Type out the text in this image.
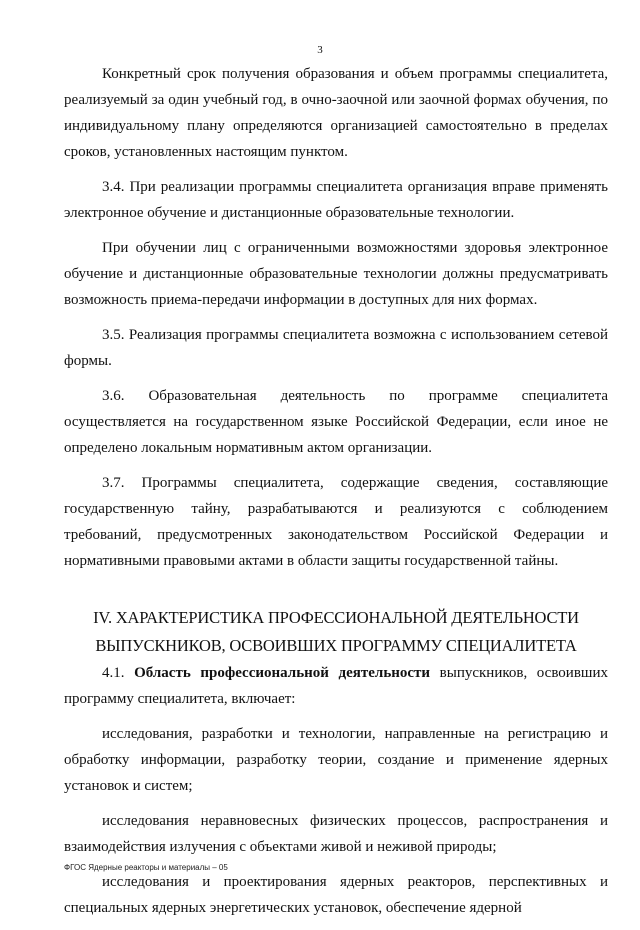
3

Конкретный срок получения образования и объем программы специалитета, реализуемый за один учебный год, в очно-заочной или заочной формах обучения, по индивидуальному плану определяются организацией самостоятельно в пределах сроков, установленных настоящим пунктом.

3.4. При реализации программы специалитета организация вправе применять электронное обучение и дистанционные образовательные технологии.

При обучении лиц с ограниченными возможностями здоровья электронное обучение и дистанционные образовательные технологии должны предусматривать возможность приема-передачи информации в доступных для них формах.

3.5. Реализация программы специалитета возможна с использованием сетевой формы.

3.6. Образовательная деятельность по программе специалитета осуществляется на государственном языке Российской Федерации, если иное не определено локальным нормативным актом организации.

3.7. Программы специалитета, содержащие сведения, составляющие государственную тайну, разрабатываются и реализуются с соблюдением требований, предусмотренных законодательством Российской Федерации и нормативными правовыми актами в области защиты государственной тайны.

IV. ХАРАКТЕРИСТИКА ПРОФЕССИОНАЛЬНОЙ ДЕЯТЕЛЬНОСТИ
ВЫПУСКНИКОВ, ОСВОИВШИХ ПРОГРАММУ СПЕЦИАЛИТЕТА

4.1. Область профессиональной деятельности выпускников, освоивших программу специалитета, включает:

исследования, разработки и технологии, направленные на регистрацию и обработку информации, разработку теории, создание и применение ядерных установок и систем;

исследования неравновесных физических процессов, распространения и взаимодействия излучения с объектами живой и неживой природы;

исследования и проектирования ядерных реакторов, перспективных и специальных ядерных энергетических установок, обеспечение ядерной

ФГОС Ядерные реакторы и материалы – 05
